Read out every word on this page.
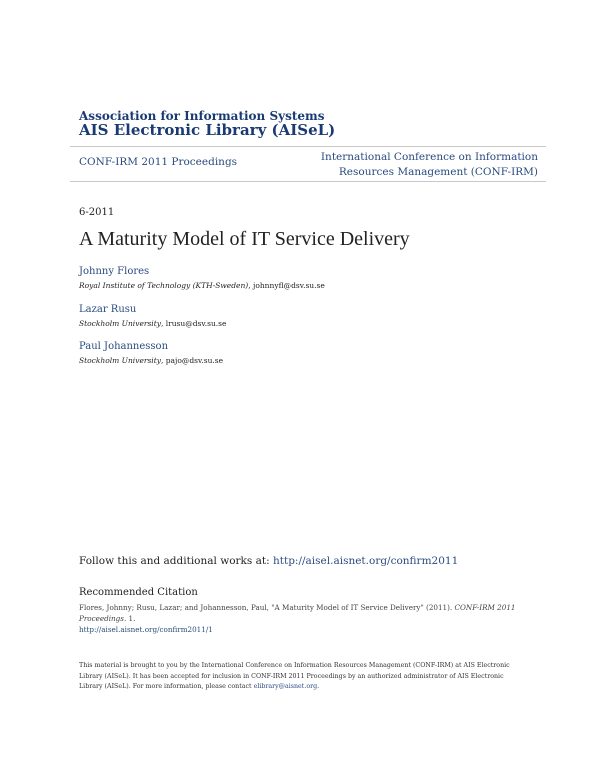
Association for Information Systems
AIS Electronic Library (AISeL)
CONF-IRM 2011 Proceedings	International Conference on Information Resources Management (CONF-IRM)
6-2011
A Maturity Model of IT Service Delivery
Johnny Flores
Royal Institute of Technology (KTH-Sweden), johnnyfl@dsv.su.se
Lazar Rusu
Stockholm University, lrusu@dsv.su.se
Paul Johannesson
Stockholm University, pajo@dsv.su.se
Follow this and additional works at: http://aisel.aisnet.org/confirm2011
Recommended Citation
Flores, Johnny; Rusu, Lazar; and Johannesson, Paul, "A Maturity Model of IT Service Delivery" (2011). CONF-IRM 2011 Proceedings. 1.
http://aisel.aisnet.org/confirm2011/1
This material is brought to you by the International Conference on Information Resources Management (CONF-IRM) at AIS Electronic Library (AISeL). It has been accepted for inclusion in CONF-IRM 2011 Proceedings by an authorized administrator of AIS Electronic Library (AISeL). For more information, please contact elibrary@aisnet.org.
